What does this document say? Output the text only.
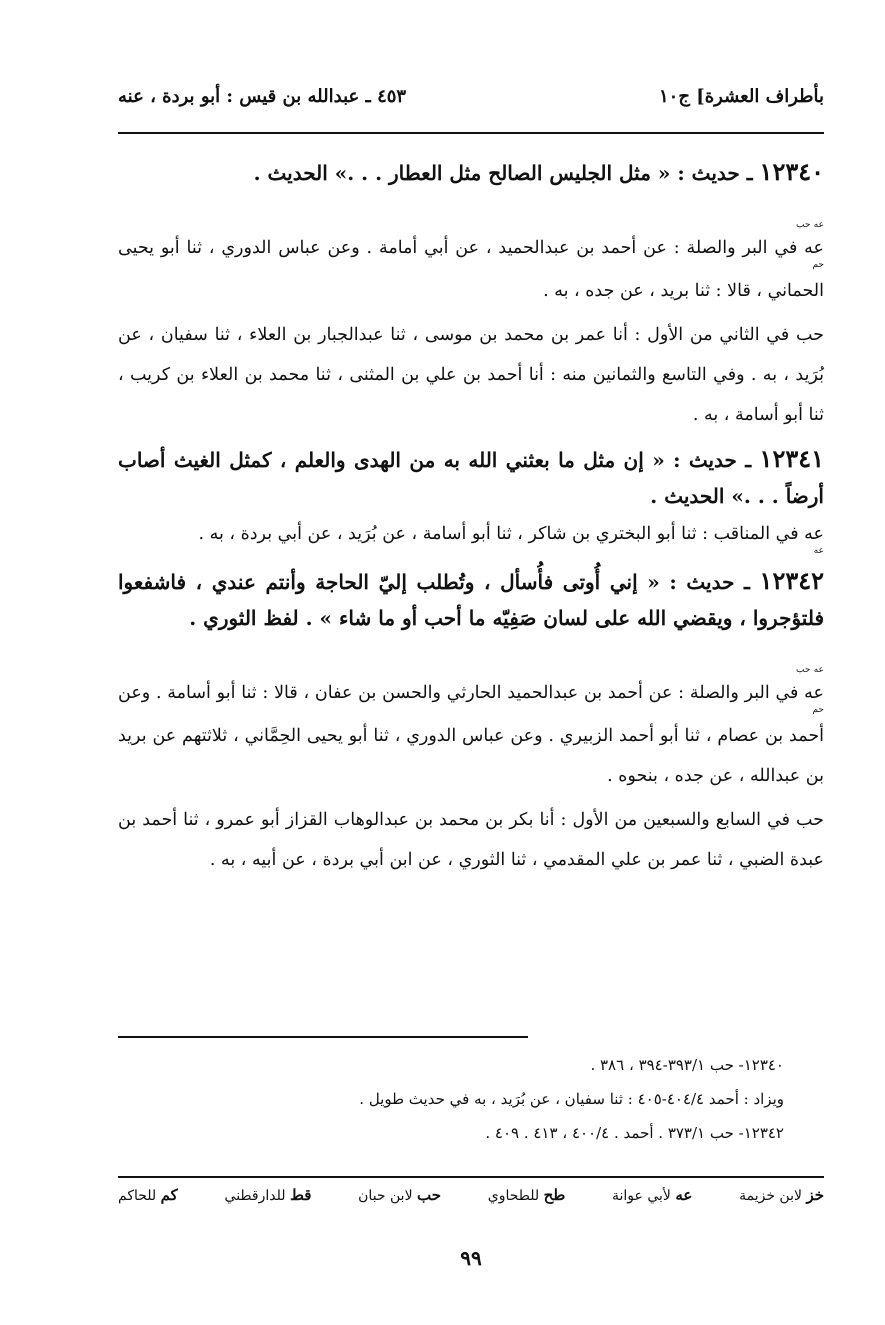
بأطراف العشرة] ج١٠
٤٥٣ ـ عبدالله بن قيس : أبو بردة ، عنه
١٢٣٤٠ ـ حديث : « مثل الجليس الصالح مثل العطار . . .» الحديث .
عه حب حمعه في البر والصلة : عن أحمد بن عبدالحميد ، عن أبي أمامة . وعن عباس الدوري ، ثنا أبو يحيى الحماني ، قالا : ثنا بريد ، عن جده ، به .
حب في الثاني من الأول : أنا عمر بن محمد بن موسى ، ثنا عبدالجبار بن العلاء ، ثنا سفيان ، عن بُرَيد ، به . وفي التاسع والثمانين منه : أنا أحمد بن علي بن المثنى ، ثنا محمد بن العلاء بن كريب ، ثنا أبو أسامة ، به .
١٢٣٤١ ـ حديث : « إن مثل ما بعثني الله به من الهدى والعلم ، كمثل الغيث أصاب أرضاً . . .» الحديث .
عهعه في المناقب : ثنا أبو البختري بن شاكر ، ثنا أبو أسامة ، عن بُرَيد ، عن أبي بردة ، به .
١٢٣٤٢ ـ حديث : « إني أُوتى فأُسأل ، وتُطلب إليّ الحاجة وأنتم عندي ، فاشفعوا فلتؤجروا ، ويقضي الله على لسان صَفِيّه ما أحب أو ما شاء » . لفظ الثوري .
عه حب حمعه في البر والصلة : عن أحمد بن عبدالحميد الحارثي والحسن بن عفان ، قالا : ثنا أبو أسامة . وعن أحمد بن عصام ، ثنا أبو أحمد الزبيري . وعن عباس الدوري ، ثنا أبو يحيى الحِمَّاني ، ثلاثتهم عن بريد بن عبدالله ، عن جده ، بنحوه .
حب في السابع والسبعين من الأول : أنا بكر بن محمد بن عبدالوهاب القزاز أبو عمرو ، ثنا أحمد بن عبدة الضبي ، ثنا عمر بن علي المقدمي ، ثنا الثوري ، عن ابن أبي بردة ، عن أبيه ، به .
١٢٣٤٠- حب ٣٩٣/١-٣٩٤ ، ٣٨٦ .
ويزاد : أحمد ٤٠٤/٤-٤٠٥ : ثنا سفيان ، عن بُرَيد ، به في حديث طويل .
١٢٣٤٢- حب ٣٧٣/١ . أحمد . ٤٠٠/٤ ، ٤١٣ . ٤٠٩ .
خز لابن خزيمة
عه لأبي عوانة
طح للطحاوي
حب لابن حبان
قط للدارقطني
كم للحاكم
٩٩
